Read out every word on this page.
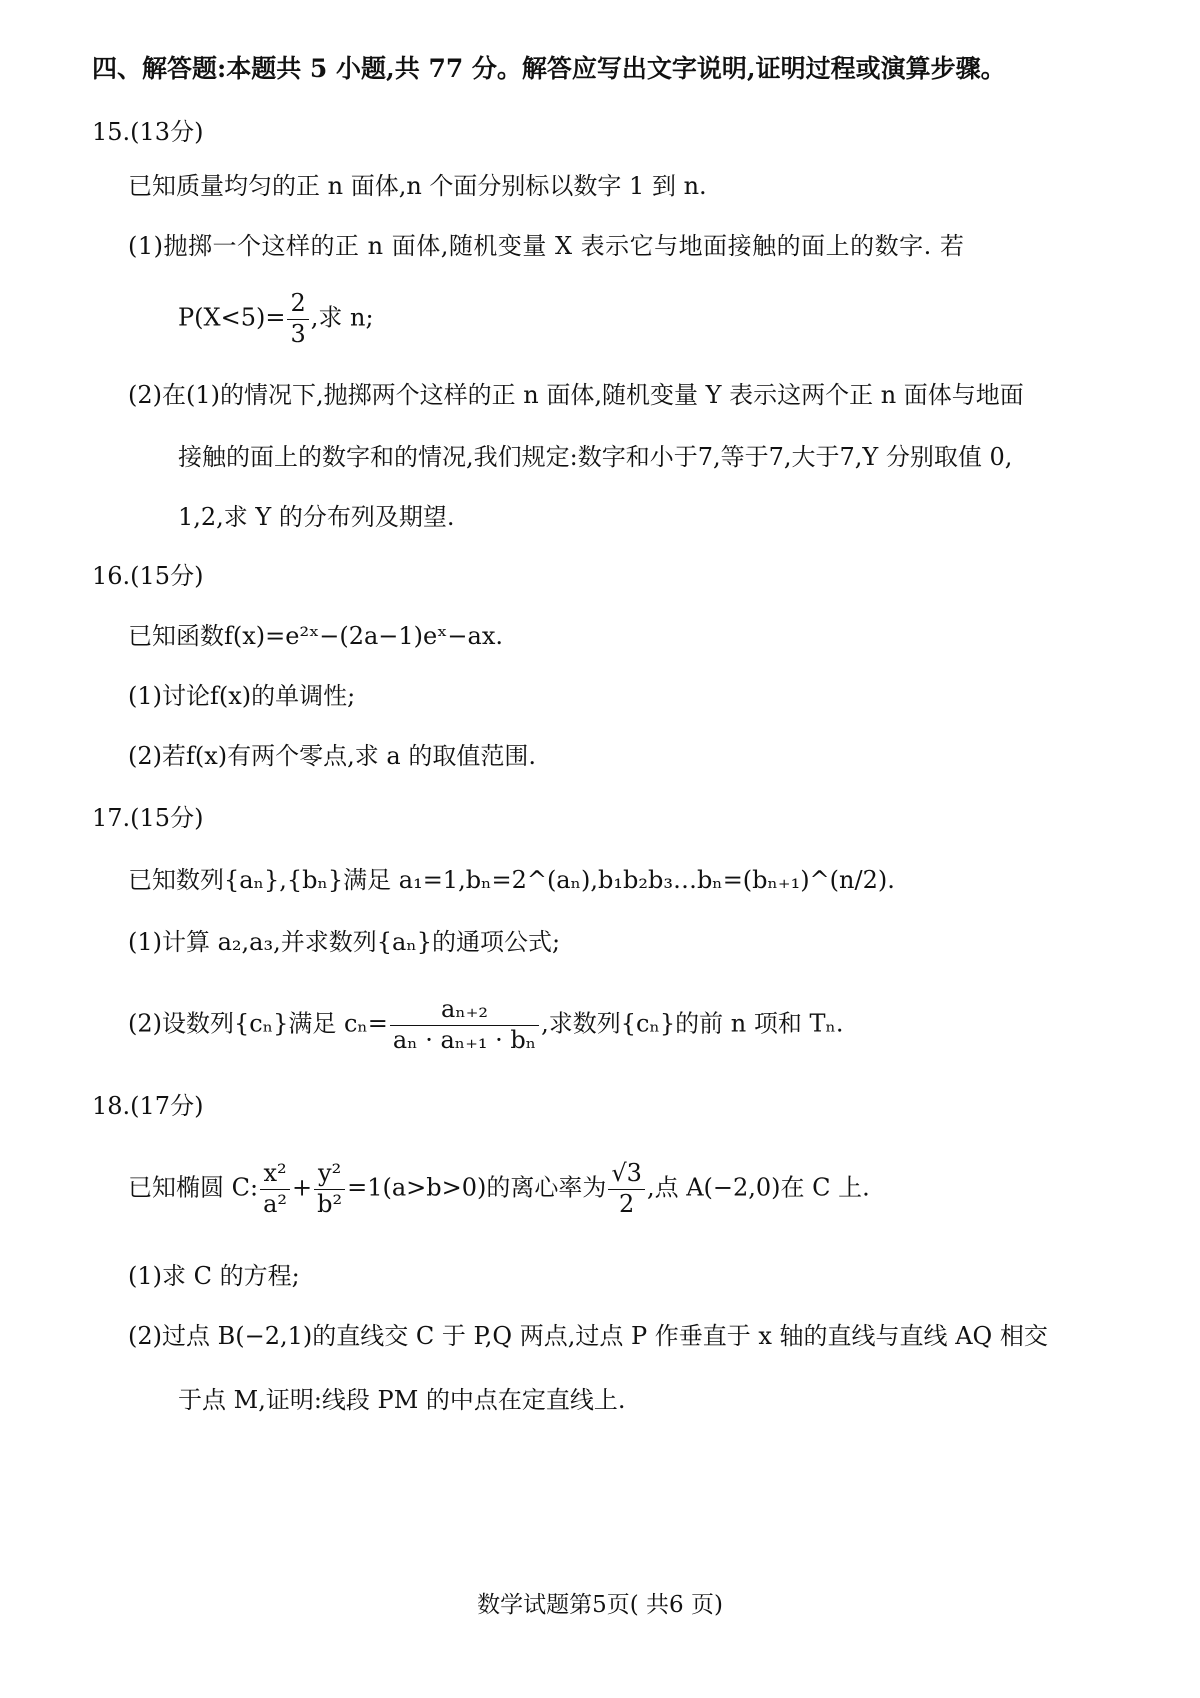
四、解答题:本题共 5 小题,共 77 分。解答应写出文字说明,证明过程或演算步骤。
15.(13分)
已知质量均匀的正 n 面体,n 个面分别标以数字 1 到 n.
(1)抛掷一个这样的正 n 面体,随机变量 X 表示它与地面接触的面上的数字. 若
$P(X<5)= \frac{2}{3}$ ,求 n;
(2)在(1)的情况下,抛掷两个这样的正 n 面体,随机变量 Y 表示这两个正 n 面体与地面
接触的面上的数字和的情况,我们规定:数字和小于7,等于7,大于7,Y 分别取值 0,
1,2,求 Y 的分布列及期望.
16.(15分)
已知函数f(x)=e²ˣ−(2a−1)eˣ−ax.
(1)讨论f(x)的单调性;
(2)若f(x)有两个零点,求 a 的取值范围.
17.(15分)
已知数列{aₙ},{bₙ}满足 a₁=1,bₙ=2^(aₙ),b₁b₂b₃…bₙ=(bₙ₊₁)^(n/2).
(1)计算 a₂,a₃,并求数列{aₙ}的通项公式;
(2)设数列{cₙ}满足 $c_n= \frac{\text{aₙ₊₂}}{\text{aₙ · aₙ₊₁ · bₙ}}$ ,求数列{cₙ}的前 n 项和 Tₙ.
18.(17分)
已知椭圆 C: $\frac{\text{x²}}{\text{a²}} + \frac{\text{y²}}{\text{b²}} =1(a>b>0)$的离心率为 $\frac{√3}{2}$ ,点 A(−2,0)在 C 上.
(1)求 C 的方程;
(2)过点 B(−2,1)的直线交 C 于 P,Q 两点,过点 P 作垂直于 x 轴的直线与直线 AQ 相交
于点 M,证明:线段 PM 的中点在定直线上.
数学试题第5页( 共6 页)
